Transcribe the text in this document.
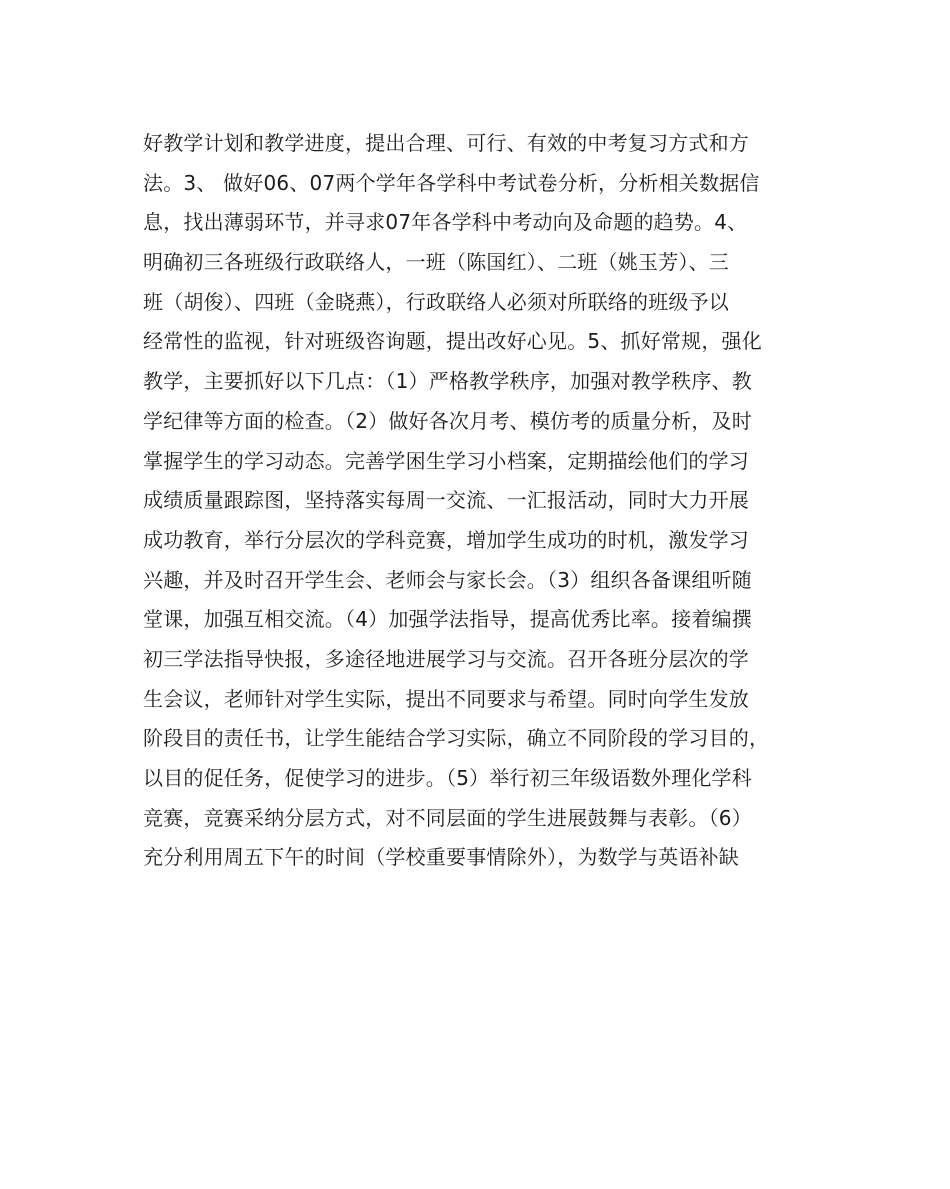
好教学计划和教学进度，提出合理、可行、有效的中考复习方式和方
法。3、 做好06、07两个学年各学科中考试卷分析，分析相关数据信
息，找出薄弱环节，并寻求07年各学科中考动向及命题的趋势。4、
明确初三各班级行政联络人，一班（陈国红）、二班（姚玉芳）、三
班（胡俊）、四班（金晓燕），行政联络人必须对所联络的班级予以
经常性的监视，针对班级咨询题，提出改好心见。5、抓好常规，强化
教学，主要抓好以下几点：（1）严格教学秩序，加强对教学秩序、教
学纪律等方面的检查。（2）做好各次月考、模仿考的质量分析，及时
掌握学生的学习动态。完善学困生学习小档案，定期描绘他们的学习
成绩质量跟踪图，坚持落实每周一交流、一汇报活动，同时大力开展
成功教育，举行分层次的学科竞赛，增加学生成功的时机，激发学习
兴趣，并及时召开学生会、老师会与家长会。（3）组织各备课组听随
堂课，加强互相交流。（4）加强学法指导，提高优秀比率。接着编撰
初三学法指导快报，多途径地进展学习与交流。召开各班分层次的学
生会议，老师针对学生实际，提出不同要求与希望。同时向学生发放
阶段目的责任书，让学生能结合学习实际，确立不同阶段的学习目的，
以目的促任务，促使学习的进步。（5）举行初三年级语数外理化学科
竞赛，竞赛采纳分层方式，对不同层面的学生进展鼓舞与表彰。（6）
充分利用周五下午的时间（学校重要事情除外），为数学与英语补缺
